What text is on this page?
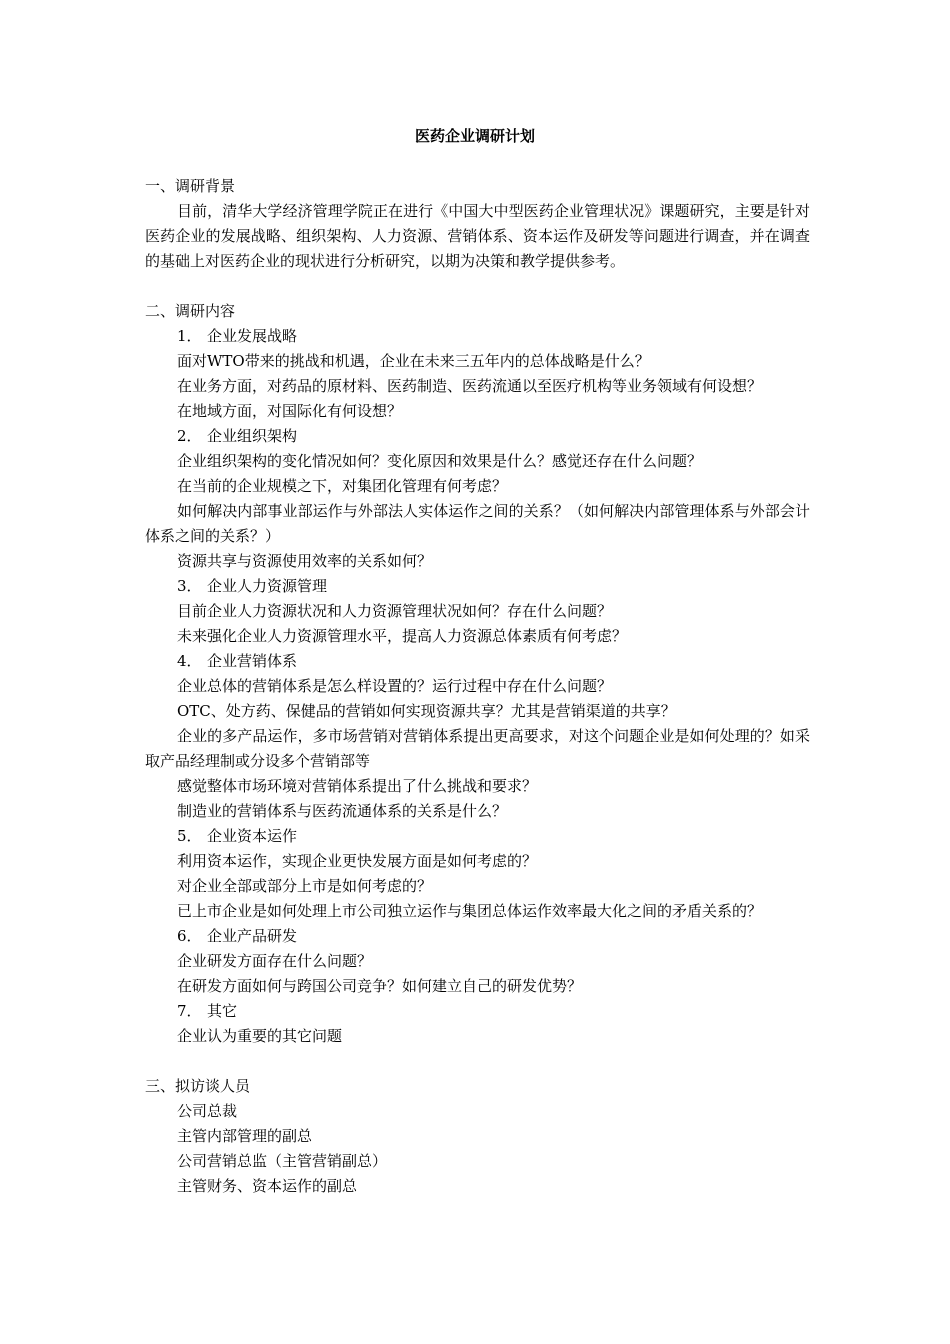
医药企业调研计划

一、调研背景

目前，清华大学经济管理学院正在进行《中国大中型医药企业管理状况》课题研究，主要是针对医药企业的发展战略、组织架构、人力资源、营销体系、资本运作及研发等问题进行调查，并在调查的基础上对医药企业的现状进行分析研究，以期为决策和教学提供参考。

二、调研内容

1． 企业发展战略

面对WTO带来的挑战和机遇，企业在未来三五年内的总体战略是什么？

在业务方面，对药品的原材料、医药制造、医药流通以至医疗机构等业务领域有何设想？

在地域方面，对国际化有何设想？

2． 企业组织架构

企业组织架构的变化情况如何？变化原因和效果是什么？感觉还存在什么问题？

在当前的企业规模之下，对集团化管理有何考虑？

如何解决内部事业部运作与外部法人实体运作之间的关系？（如何解决内部管理体系与外部会计体系之间的关系？）

资源共享与资源使用效率的关系如何？

3． 企业人力资源管理

目前企业人力资源状况和人力资源管理状况如何？存在什么问题？

未来强化企业人力资源管理水平，提高人力资源总体素质有何考虑？

4． 企业营销体系

企业总体的营销体系是怎么样设置的？运行过程中存在什么问题？

OTC、处方药、保健品的营销如何实现资源共享？尤其是营销渠道的共享？

企业的多产品运作，多市场营销对营销体系提出更高要求，对这个问题企业是如何处理的？如采取产品经理制或分设多个营销部等

感觉整体市场环境对营销体系提出了什么挑战和要求？

制造业的营销体系与医药流通体系的关系是什么？

5． 企业资本运作

利用资本运作，实现企业更快发展方面是如何考虑的？

对企业全部或部分上市是如何考虑的？

已上市企业是如何处理上市公司独立运作与集团总体运作效率最大化之间的矛盾关系的？

6． 企业产品研发

企业研发方面存在什么问题？

在研发方面如何与跨国公司竞争？如何建立自己的研发优势？

7． 其它

企业认为重要的其它问题

三、拟访谈人员

公司总裁

主管内部管理的副总

公司营销总监（主管营销副总）

主管财务、资本运作的副总
